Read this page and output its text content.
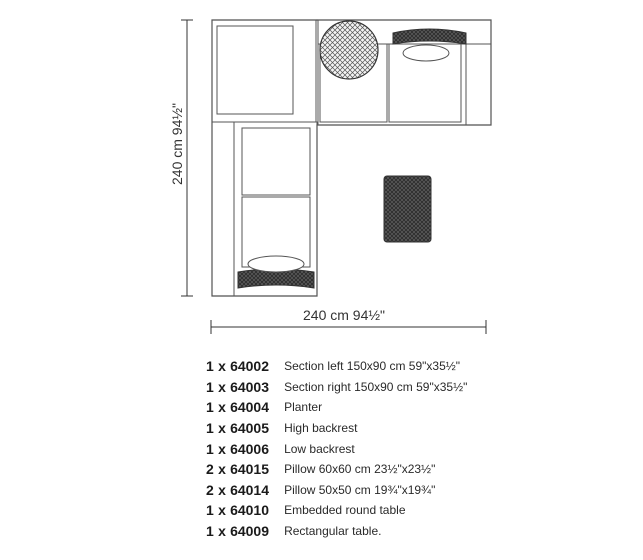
240 cm 94½"
240 cm 94½"
1 x 64002	Section left 150x90 cm 59"x35½"
1 x 64003	Section right 150x90 cm 59"x35½"
1 x 64004	Planter
1 x 64005	High backrest
1 x 64006	Low backrest
2 x 64015	Pillow 60x60 cm 23½"x23½"
2 x 64014	Pillow 50x50 cm 19¾"x19¾"
1 x 64010	Embedded round table
1 x 64009	Rectangular table.
